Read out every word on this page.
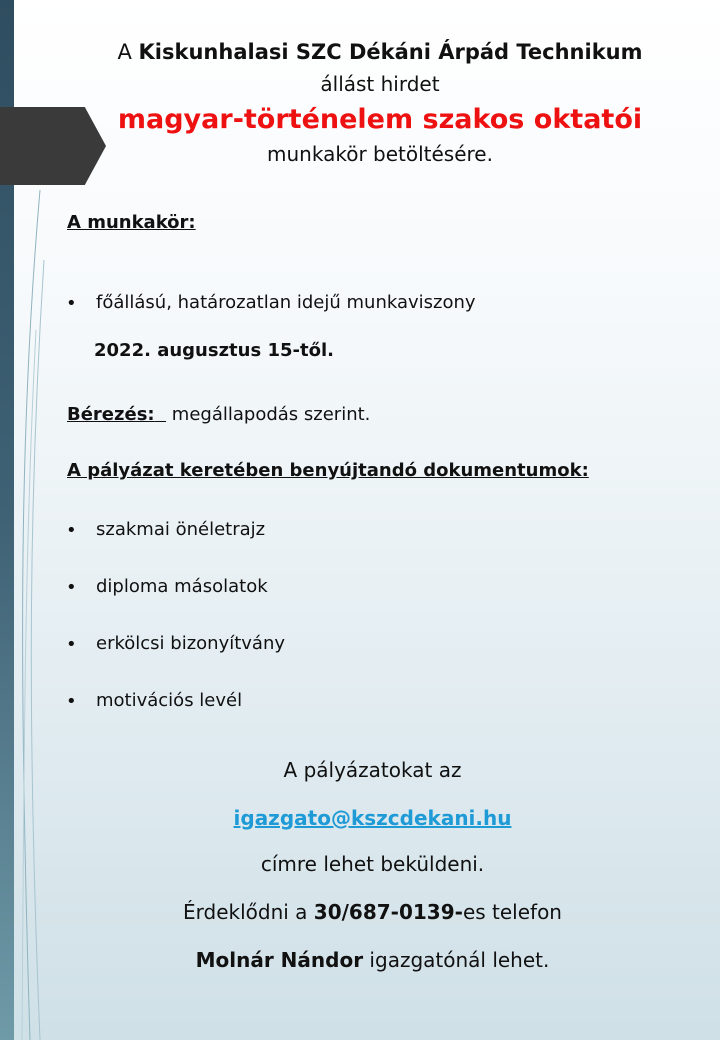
A Kiskunhalasi SZC Dékáni Árpád Technikum
állást hirdet
magyar-történelem szakos oktatói
munkakör betöltésére.
A munkakör:
• főállású, határozatlan idejű munkaviszony
2022. augusztus 15-től.
Bérezés: megállapodás szerint.
A pályázat keretében benyújtandó dokumentumok:
• szakmai önéletrajz
• diploma másolatok
• erkölcsi bizonyítvány
• motivációs levél
A pályázatokat az
igazgato@kszcdekani.hu
címre lehet beküldeni.
Érdeklődni a 30/687-0139-es telefon
Molnár Nándor igazgatónál lehet.
